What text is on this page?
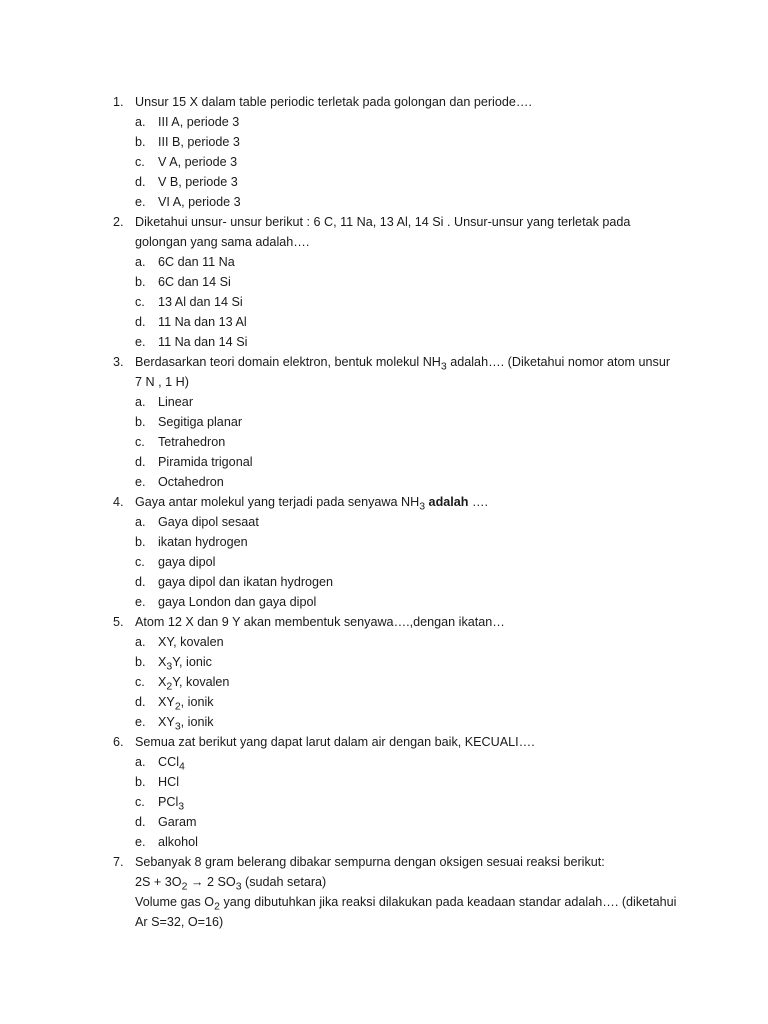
1. Unsur 15 X dalam table periodic terletak pada golongan dan periode….
a. III A, periode 3
b. III B, periode 3
c. V A, periode 3
d. V B, periode 3
e. VI A, periode 3
2. Diketahui unsur- unsur berikut : 6 C, 11 Na, 13 Al, 14 Si . Unsur-unsur yang terletak pada
golongan yang sama adalah….
a. 6C dan 11 Na
b. 6C dan 14 Si
c. 13 Al dan 14 Si
d. 11 Na dan 13 Al
e. 11 Na dan 14 Si
3. Berdasarkan teori domain elektron, bentuk molekul $NH_3$ adalah…. (Diketahui nomor atom unsur
7 N , 1 H)
a. Linear
b. Segitiga planar
c. Tetrahedron
d. Piramida trigonal
e. Octahedron
4. Gaya antar molekul yang terjadi pada senyawa $NH_3$ adalah ….
a. Gaya dipol sesaat
b. ikatan hydrogen
c. gaya dipol
d. gaya dipol dan ikatan hydrogen
e. gaya London dan gaya dipol
5. Atom 12 X dan 9 Y akan membentuk senyawa….,dengan ikatan…
a. XY, kovalen
b. $X_3Y$, ionic
c. $X_2Y$, kovalen
d. $XY_2$, ionik
e. $XY_3$, ionik
6. Semua zat berikut yang dapat larut dalam air dengan baik, KECUALI….
a. CCl$_4$
b. HCl
c. PCl$_3$
d. Garam
e. alkohol
7. Sebanyak 8 gram belerang dibakar sempurna dengan oksigen sesuai reaksi berikut:
$2S + 3O_2 \to 2$ $SO_3$ (sudah setara)
Volume gas $O_2$ yang dibutuhkan jika reaksi dilakukan pada keadaan standar adalah…. (diketahui
Ar S=32, O=16)
